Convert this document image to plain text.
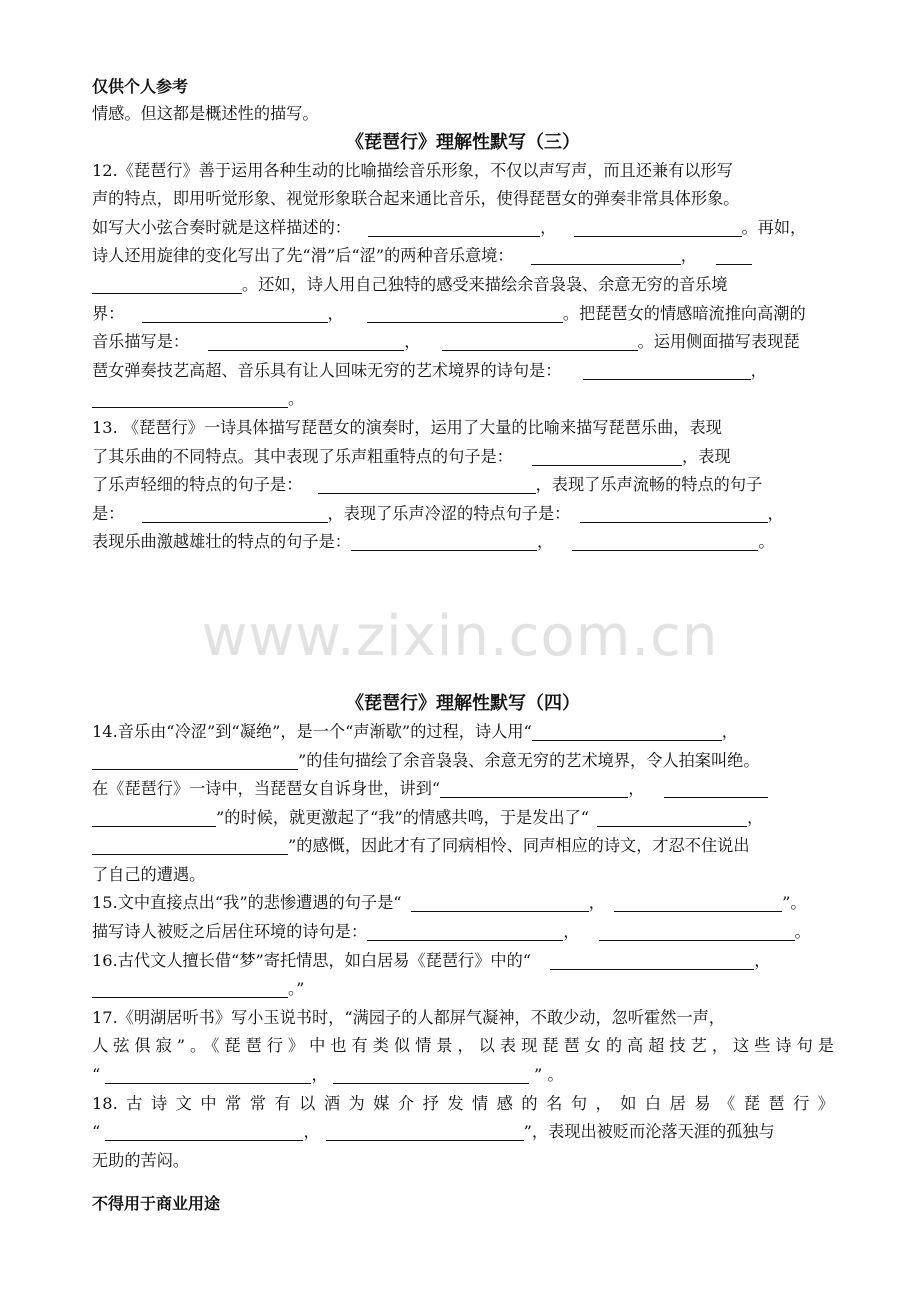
仅供个人参考
情感。但这都是概述性的描写。
《琵琶行》理解性默写（三）
12.《琵琶行》善于运用各种生动的比喻描绘音乐形象，不仅以声写声，而且还兼有以形写
声的特点，即用听觉形象、视觉形象联合起来通比音乐，使得琵琶女的弹奏非常具体形象。
如写大小弦合奏时就是这样描述的：	，	。再如，
诗人还用旋律的变化写出了先“滑”后“涩”的两种音乐意境：	，
。还如，诗人用自己独特的感受来描绘余音袅袅、余意无穷的音乐境
界：	，	。把琵琶女的情感暗流推向高潮的
音乐描写是：	，	。运用侧面描写表现琵
琶女弹奏技艺高超、音乐具有让人回味无穷的艺术境界的诗句是：	，
。
13. 《琵琶行》一诗具体描写琵琶女的演奏时，运用了大量的比喻来描写琵琶乐曲，表现
了其乐曲的不同特点。其中表现了乐声粗重特点的句子是：	，表现
了乐声轻细的特点的句子是：	，表现了乐声流畅的特点的句子
是：	，表现了乐声冷涩的特点句子是：	，
表现乐曲激越雄壮的特点的句子是：	，	。
《琵琶行》理解性默写（四）
14.音乐由“冷涩”到“凝绝”，是一个“声渐歇”的过程，诗人用“	，
”的佳句描绘了余音袅袅、余意无穷的艺术境界，令人拍案叫绝。
在《琵琶行》一诗中，当琵琶女自诉身世，讲到“	，
”的时候，就更激起了“我”的情感共鸣，于是发出了“	，
”的感慨，因此才有了同病相怜、同声相应的诗文，才忍不住说出
了自己的遭遇。
15.文中直接点出“我”的悲惨遭遇的句子是“	，	”。
描写诗人被贬之后居住环境的诗句是：	，	。
16.古代文人擅长借“梦”寄托情思，如白居易《琵琶行》中的“	，
。”
17.《明湖居听书》写小玉说书时，“满园子的人都屏气凝神，不敢少动，忽听霍然一声，
人弦俱寂”。《琵琶行》中也有类似情景，以表现琵琶女的高超技艺，这些诗句是
“	，	” 。
18.古诗文中常常有以酒为媒介抒发情感的名句，如白居易《琵琶行》
“	，	”，表现出被贬而沦落天涯的孤独与
无助的苦闷。
www.zixin.com.cn
不得用于商业用途
